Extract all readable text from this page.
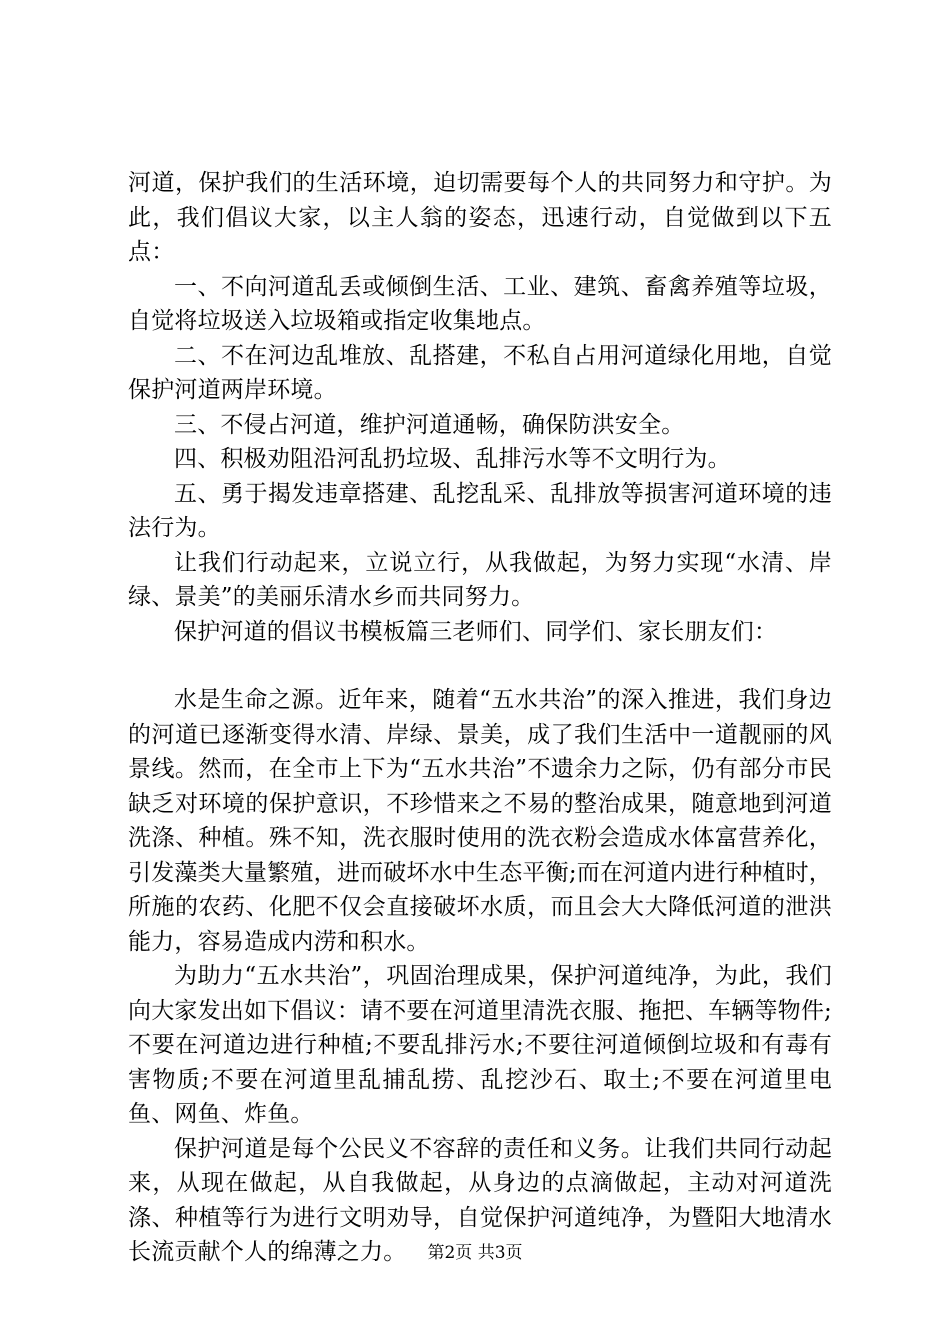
河道，保护我们的生活环境，迫切需要每个人的共同努力和守护。为此，我们倡议大家，以主人翁的姿态，迅速行动，自觉做到以下五点：

一、不向河道乱丢或倾倒生活、工业、建筑、畜禽养殖等垃圾，自觉将垃圾送入垃圾箱或指定收集地点。

二、不在河边乱堆放、乱搭建，不私自占用河道绿化用地，自觉保护河道两岸环境。

三、不侵占河道，维护河道通畅，确保防洪安全。

四、积极劝阻沿河乱扔垃圾、乱排污水等不文明行为。

五、勇于揭发违章搭建、乱挖乱采、乱排放等损害河道环境的违法行为。

让我们行动起来，立说立行，从我做起，为努力实现“水清、岸绿、景美”的美丽乐清水乡而共同努力。

保护河道的倡议书模板篇三老师们、同学们、家长朋友们：

水是生命之源。近年来，随着“五水共治”的深入推进，我们身边的河道已逐渐变得水清、岸绿、景美，成了我们生活中一道靓丽的风景线。然而，在全市上下为“五水共治”不遗余力之际，仍有部分市民缺乏对环境的保护意识，不珍惜来之不易的整治成果，随意地到河道洗涤、种植。殊不知，洗衣服时使用的洗衣粉会造成水体富营养化，引发藻类大量繁殖，进而破坏水中生态平衡;而在河道内进行种植时，所施的农药、化肥不仅会直接破坏水质，而且会大大降低河道的泄洪能力，容易造成内涝和积水。

为助力“五水共治”，巩固治理成果，保护河道纯净，为此，我们向大家发出如下倡议：请不要在河道里清洗衣服、拖把、车辆等物件;不要在河道边进行种植;不要乱排污水;不要往河道倾倒垃圾和有毒有害物质;不要在河道里乱捕乱捞、乱挖沙石、取土;不要在河道里电鱼、网鱼、炸鱼。

保护河道是每个公民义不容辞的责任和义务。让我们共同行动起来，从现在做起，从自我做起，从身边的点滴做起，主动对河道洗涤、种植等行为进行文明劝导，自觉保护河道纯净，为暨阳大地清水长流贡献个人的绵薄之力。	第2页 共3页
